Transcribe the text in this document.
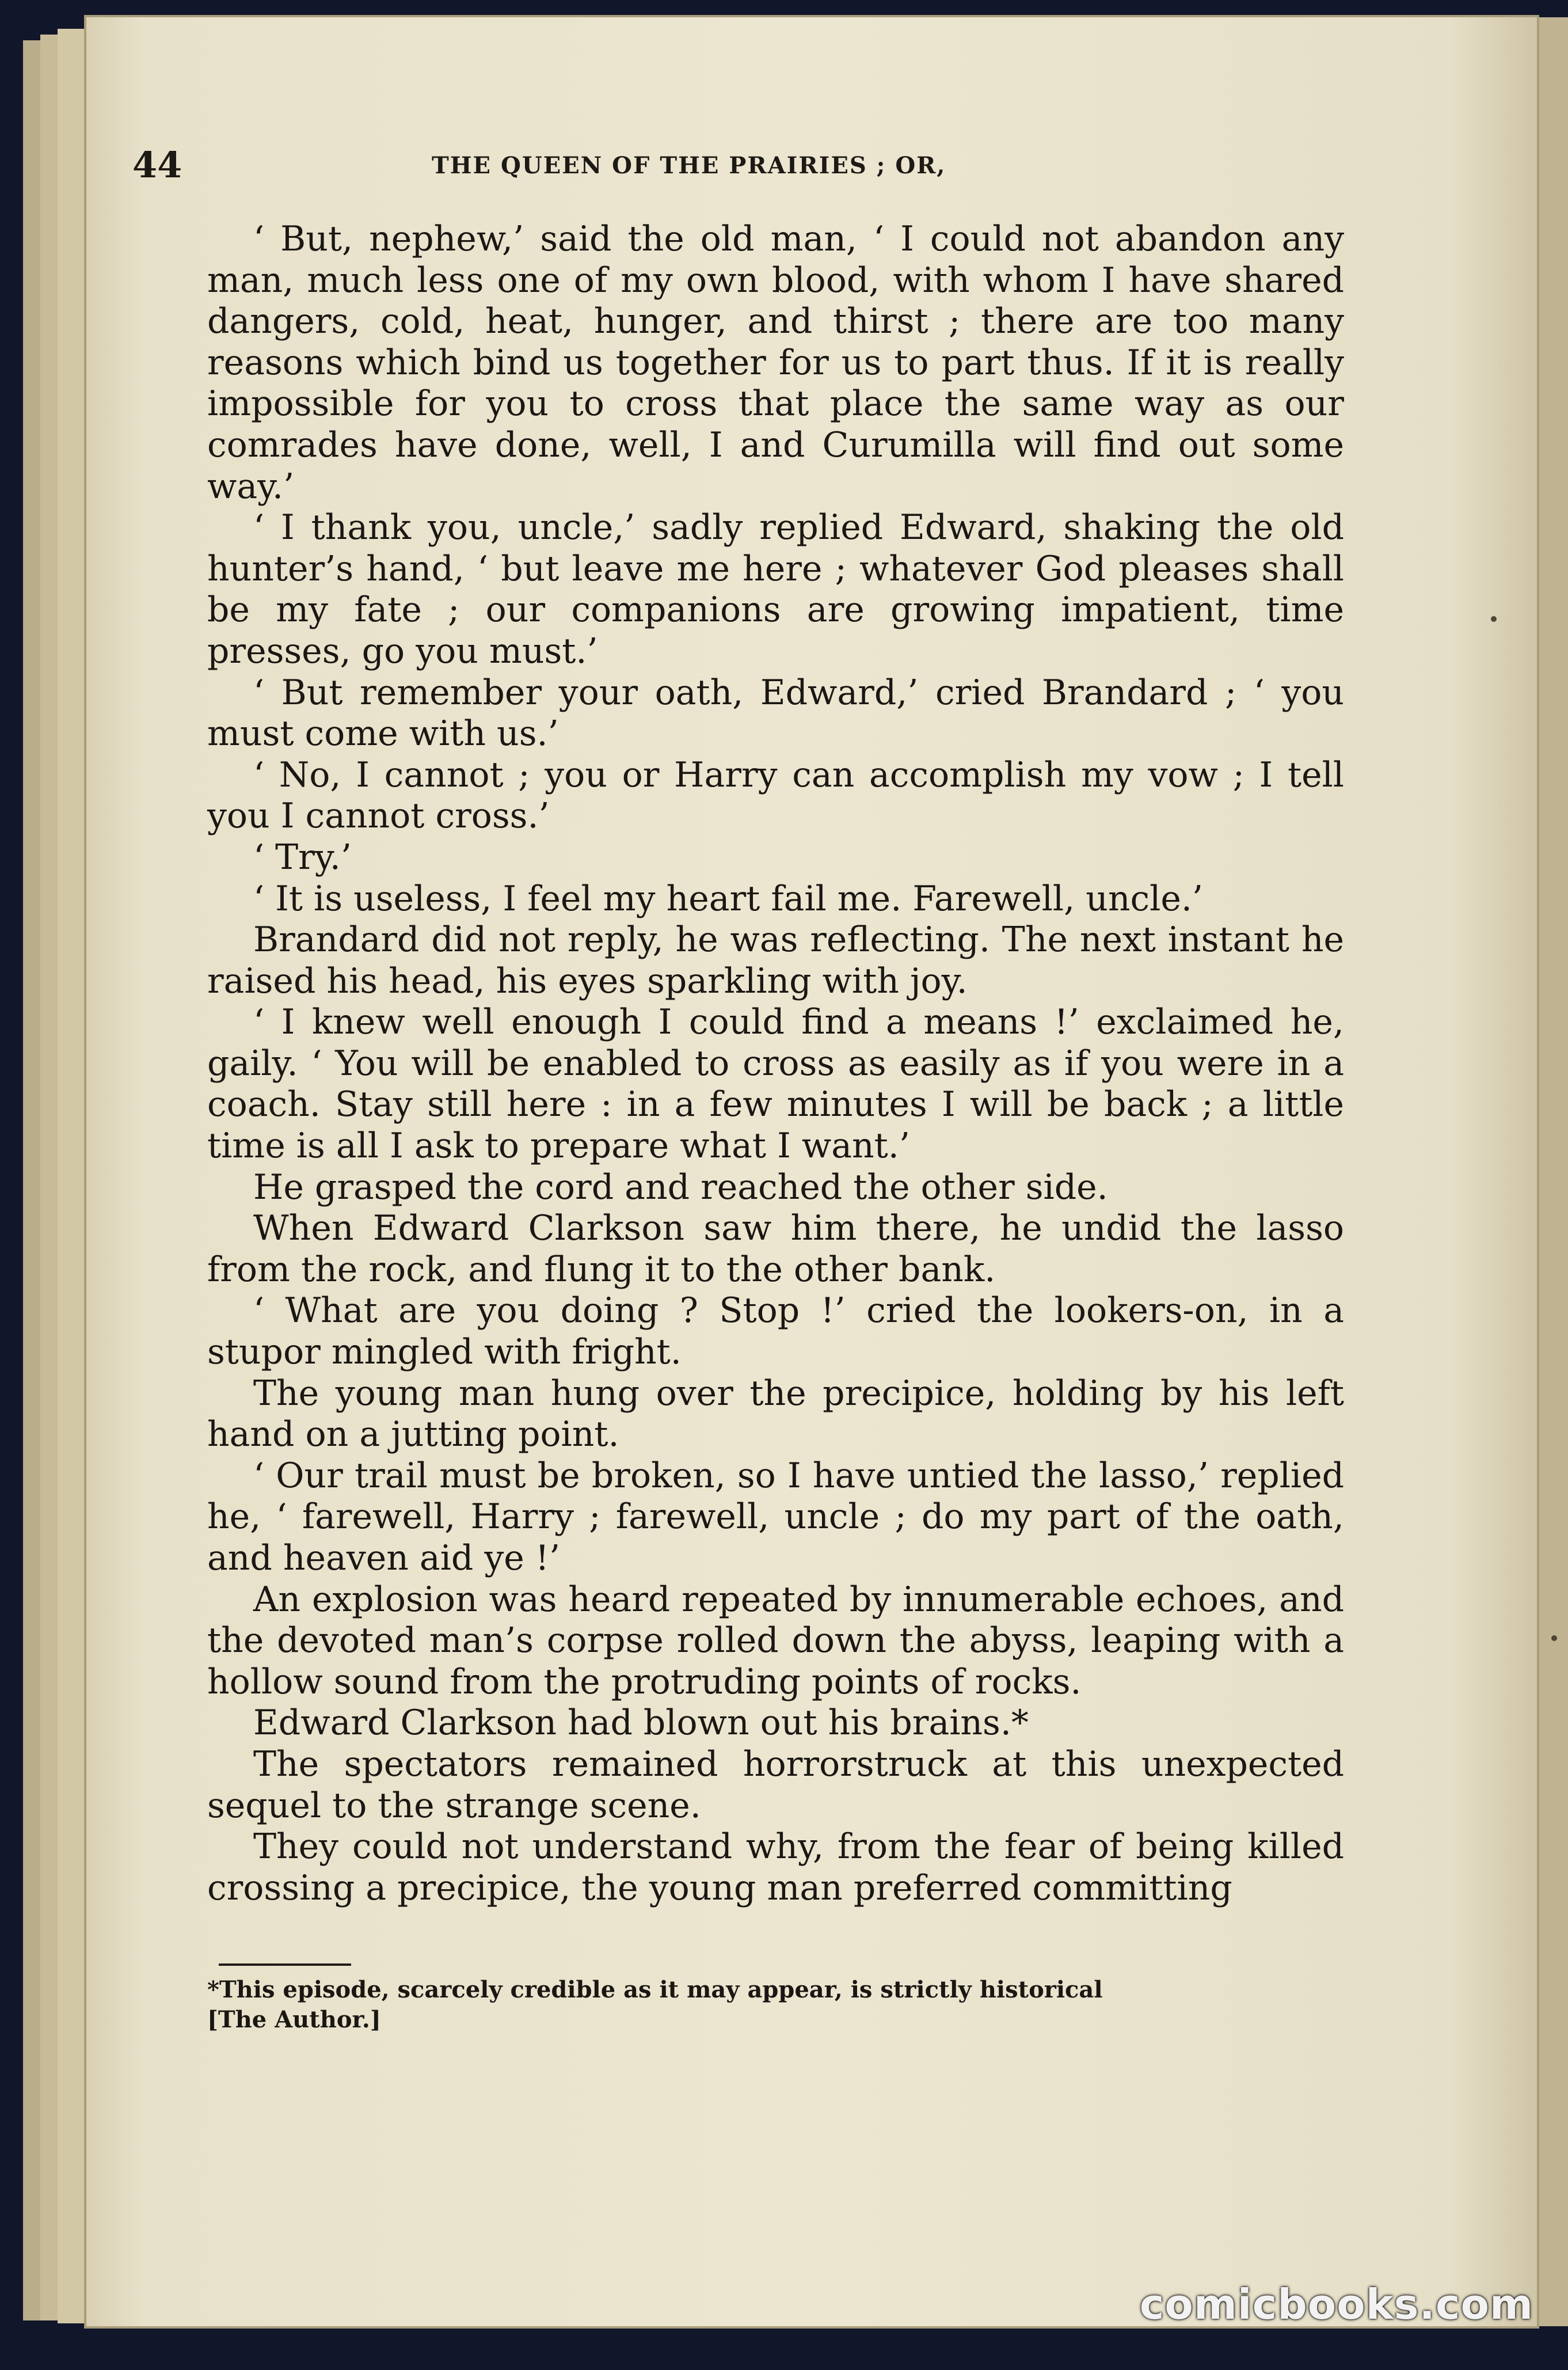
44	THE QUEEN OF THE PRAIRIES ; OR,

‘ But, nephew,’ said the old man, ‘ I could not abandon any man, much less one of my own blood, with whom I have shared dangers, cold, heat, hunger, and thirst ; there are too many reasons which bind us together for us to part thus. If it is really impossible for you to cross that place the same way as our comrades have done, well, I and Curumilla will find out some way.’

‘ I thank you, uncle,’ sadly replied Edward, shaking the old hunter’s hand, ‘ but leave me here ; whatever God pleases shall be my fate ; our companions are growing impatient, time presses, go you must.’

‘ But remember your oath, Edward,’ cried Brandard ; ‘ you must come with us.’

‘ No, I cannot ; you or Harry can accomplish my vow ; I tell you I cannot cross.’

‘ Try.’

‘ It is useless, I feel my heart fail me. Farewell, uncle.’

Brandard did not reply, he was reflecting. The next instant he raised his head, his eyes sparkling with joy.

‘ I knew well enough I could find a means !’ exclaimed he, gaily. ‘ You will be enabled to cross as easily as if you were in a coach. Stay still here : in a few minutes I will be back ; a little time is all I ask to prepare what I want.’

He grasped the cord and reached the other side.

When Edward Clarkson saw him there, he undid the lasso from the rock, and flung it to the other bank.

‘ What are you doing ? Stop !’ cried the lookers-on, in a stupor mingled with fright.

The young man hung over the precipice, holding by his left hand on a jutting point.

‘ Our trail must be broken, so I have untied the lasso,’ replied he, ‘ farewell, Harry ; farewell, uncle ; do my part of the oath, and heaven aid ye !’

An explosion was heard repeated by innumerable echoes, and the devoted man’s corpse rolled down the abyss, leaping with a hollow sound from the protruding points of rocks.

Edward Clarkson had blown out his brains.*

The spectators remained horrorstruck at this unexpected sequel to the strange scene.

They could not understand why, from the fear of being killed crossing a precipice, the young man preferred committing

*This episode, scarcely credible as it may appear, is strictly historical
[The Author.]
comicbooks.com
